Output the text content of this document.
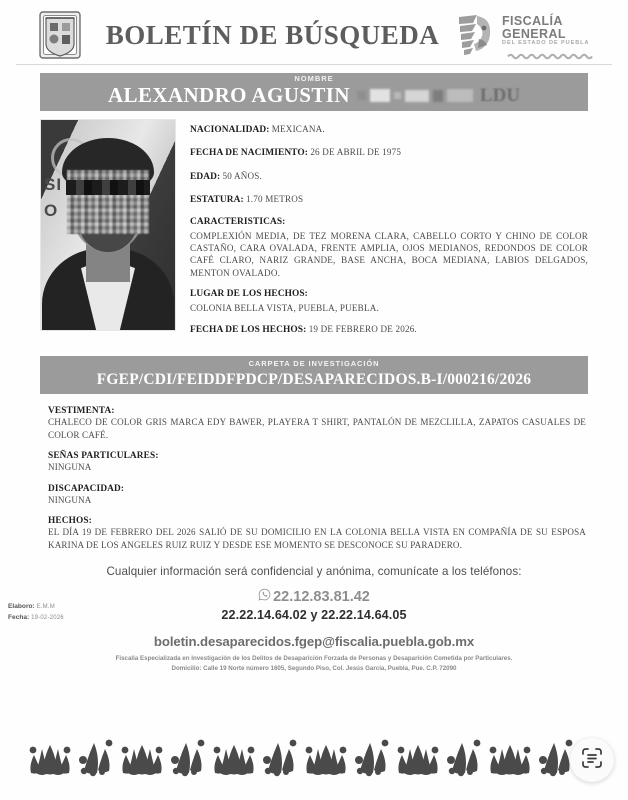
BOLETÍN DE BÚSQUEDA	FISCALÍA
GENERAL
DEL ESTADO DE PUEBLA
NOMBRE
ALEXANDRO AGUSTIN	LDU
SI
O
NACIONALIDAD: MEXICANA.
FECHA DE NACIMIENTO: 26 DE ABRIL DE 1975
EDAD: 50 AÑOS.
ESTATURA: 1.70 METROS
CARACTERISTICAS:
COMPLEXIÓN MEDIA, DE TEZ MORENA CLARA, CABELLO CORTO Y CHINO DE COLOR CASTAÑO, CARA OVALADA, FRENTE AMPLIA, OJOS MEDIANOS, REDONDOS DE COLOR CAFÉ CLARO, NARIZ GRANDE, BASE ANCHA, BOCA MEDIANA, LABIOS DELGADOS, MENTON OVALADO.
LUGAR DE LOS HECHOS:
COLONIA BELLA VISTA, PUEBLA, PUEBLA.
FECHA DE LOS HECHOS: 19 DE FEBRERO DE 2026.
CARPETA DE INVESTIGACIÓN
FGEP/CDI/FEIDDFPDCP/DESAPARECIDOS.B-I/000216/2026
VESTIMENTA:
CHALECO DE COLOR GRIS MARCA EDY BAWER, PLAYERA T SHIRT, PANTALÓN DE MEZCLILLA, ZAPATOS CASUALES DE COLOR CAFÉ.
SEÑAS PARTICULARES:
NINGUNA
DISCAPACIDAD:
NINGUNA
HECHOS:
EL DÍA 19 DE FEBRERO DEL 2026 SALIÓ DE SU DOMICILIO EN LA COLONIA BELLA VISTA EN COMPAÑÍA DE SU ESPOSA KARINA DE LOS ANGELES RUIZ RUIZ Y DESDE ESE MOMENTO SE DESCONOCE SU PARADERO.
Cualquier información será confidencial y anónima, comunícate a los teléfonos:
Elaboro: E.M.M
Fecha: 19-02-2026
22.12.83.81.42
22.22.14.64.02 y 22.22.14.64.05
boletin.desaparecidos.fgep@fiscalia.puebla.gob.mx
Fiscalía Especializada en Investigación de los Delitos de Desaparición Forzada de Personas y Desaparición Cometida por Particulares.
Domicilio: Calle 19 Norte número 1605, Segundo Piso, Col. Jesús García, Puebla, Pue. C.P. 72090
